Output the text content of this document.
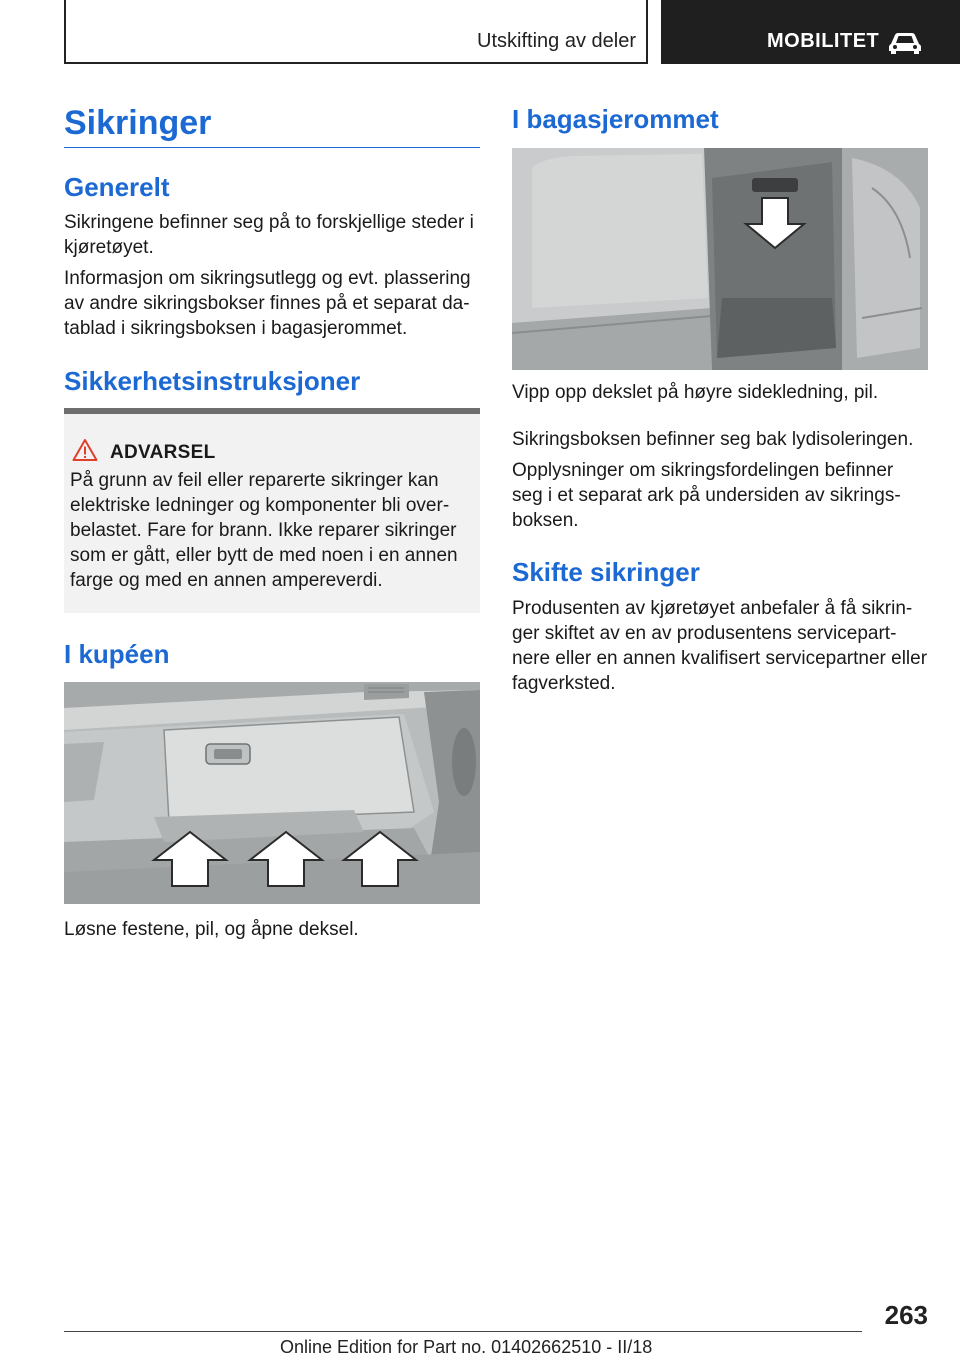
Utskifting av deler	MOBILITET
Sikringer
Generelt

Sikringene befinner seg på to forskjellige steder i kjøretøyet.

Informasjon om sikringsutlegg og evt. plassering av andre sikringsbokser finnes på et separat datablad i sikringsboksen i bagasjerommet.

Sikkerhetsinstruksjoner
ADVARSEL
På grunn av feil eller reparerte sikringer kan elektriske ledninger og komponenter bli overbelastet. Fare for brann. Ikke reparer sikringer som er gått, eller bytt de med noen i en annen farge og med en annen ampereverdi.
I kupéen

Løsne festene, pil, og åpne deksel.

I bagasjerommet

Vipp opp dekslet på høyre sidekledning, pil.

Sikringsboksen befinner seg bak lydisoleringen.

Opplysninger om sikringsfordelingen befinner seg i et separat ark på undersiden av sikringsboksen.

Skifte sikringer

Produsenten av kjøretøyet anbefaler å få sikringer skiftet av en av produsentens servicepartnere eller en annen kvalifisert servicepartner eller fagverksted.

263
Online Edition for Part no. 01402662510 - II/18
